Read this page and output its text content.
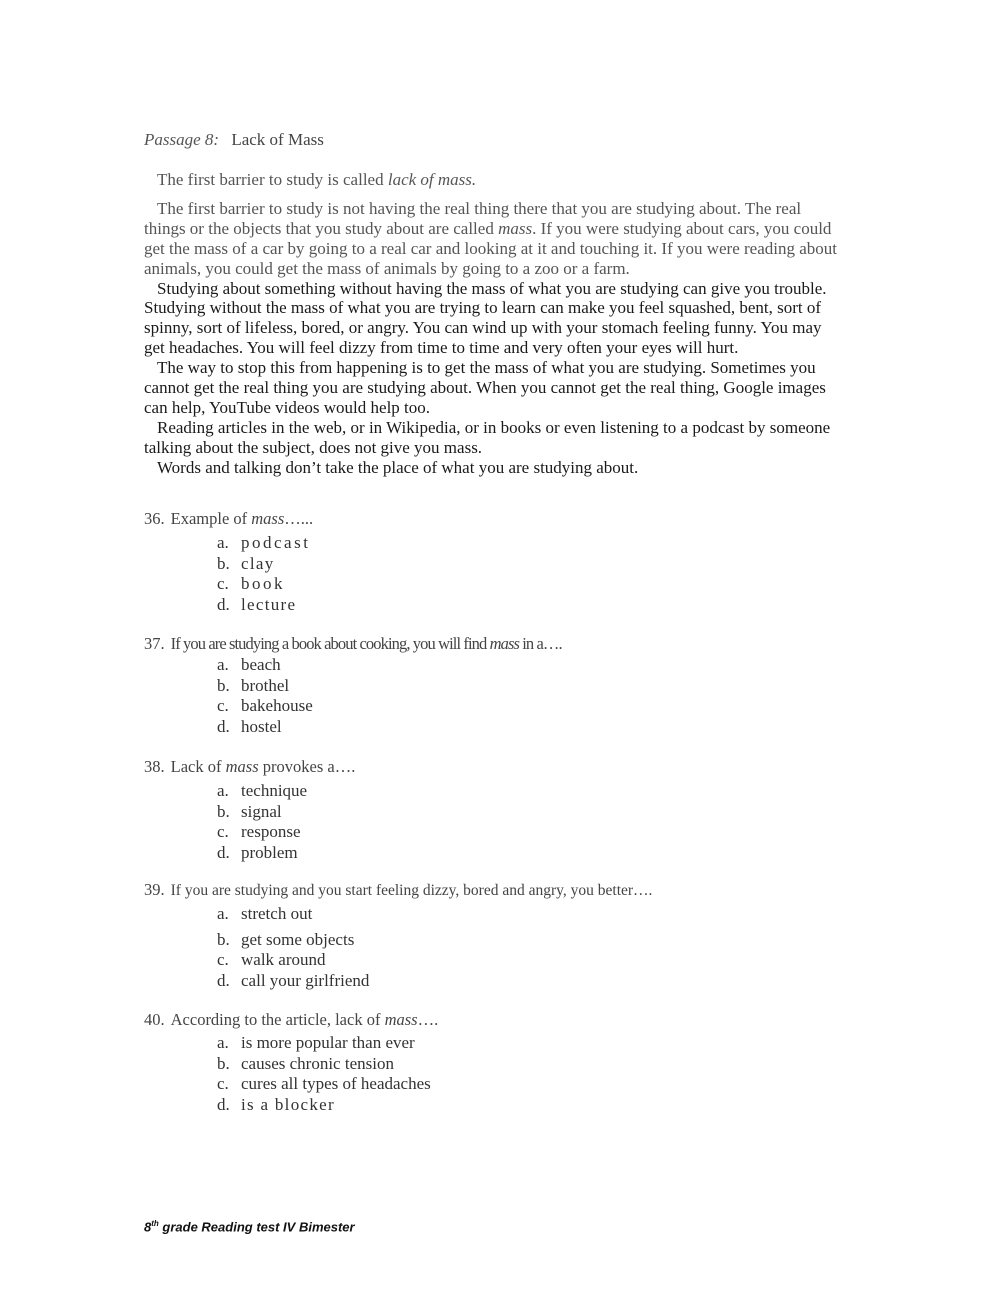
Passage 8: Lack of Mass

The first barrier to study is called lack of mass.

The first barrier to study is not having the real thing there that you are studying about. The real things or the objects that you study about are called mass. If you were studying about cars, you could get the mass of a car by going to a real car and looking at it and touching it. If you were reading about animals, you could get the mass of animals by going to a zoo or a farm.

Studying about something without having the mass of what you are studying can give you trouble. Studying without the mass of what you are trying to learn can make you feel squashed, bent, sort of spinny, sort of lifeless, bored, or angry. You can wind up with your stomach feeling funny. You may get headaches. You will feel dizzy from time to time and very often your eyes will hurt.

The way to stop this from happening is to get the mass of what you are studying. Sometimes you cannot get the real thing you are studying about. When you cannot get the real thing, Google images can help, YouTube videos would help too.

Reading articles in the web, or in Wikipedia, or in books or even listening to a podcast by someone talking about the subject, does not give you mass.

Words and talking don’t take the place of what you are studying about.

36. Example of mass…...
a. podcast
b. clay
c. book
d. lecture
37. If you are studying a book about cooking, you will find mass in a….
a. beach
b. brothel
c. bakehouse
d. hostel
38. Lack of mass provokes a….
a. technique
b. signal
c. response
d. problem
39. If you are studying and you start feeling dizzy, bored and angry, you better….
a. stretch out
b. get some objects
c. walk around
d. call your girlfriend
40. According to the article, lack of mass….
a. is more popular than ever
b. causes chronic tension
c. cures all types of headaches
d. is a blocker
8th grade Reading test IV Bimester
